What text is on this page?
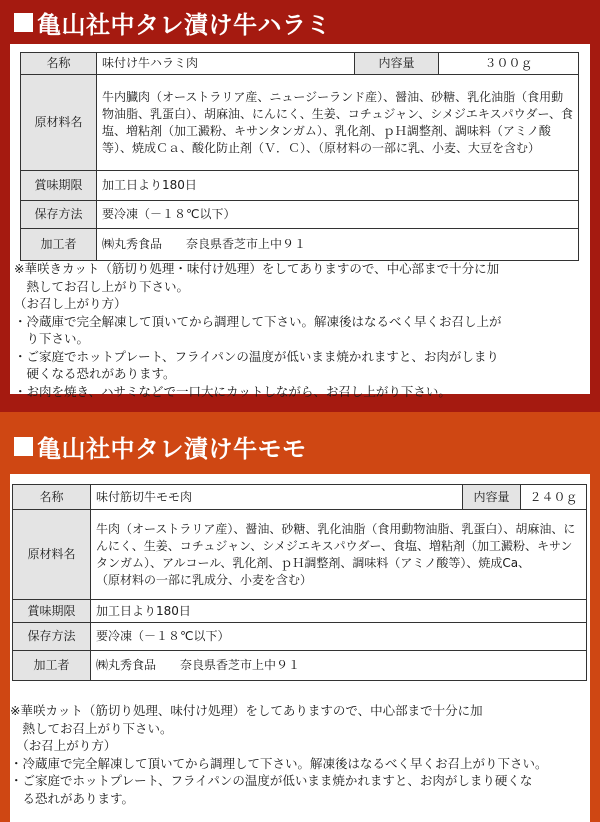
亀山社中タレ漬け牛ハラミ
名称	味付け牛ハラミ肉	内容量	３００ｇ
原材料名	牛内臓肉（オーストラリア産、ニュージーランド産）、醤油、砂糖、乳化油脂（食用動物油脂、乳蛋白）、胡麻油、にんにく、生姜、コチュジャン、シメジエキスパウダー、食塩、増粘剤（加工澱粉、キサンタンガム）、乳化剤、ｐＨ調整剤、調味料（アミノ酸等）、焼成Ｃａ、酸化防止剤（Ｖ．Ｃ）、（原材料の一部に乳、小麦、大豆を含む）		
賞味期限	加工日より180日		
保存方法	要冷凍（－１８℃以下）		
加工者	㈱丸秀食品　　奈良県香芝市上中９１		
※華咲きカット（筋切り処理・味付け処理）をしてありますので、中心部まで十分に加
　熱してお召し上がり下さい。
（お召し上がり方）
・冷蔵庫で完全解凍して頂いてから調理して下さい。解凍後はなるべく早くお召し上が
　り下さい。
・ご家庭でホットプレート、フライパンの温度が低いまま焼かれますと、お肉がしまり
　硬くなる恐れがあります。
・お肉を焼き、ハサミなどで一口大にカットしながら、お召し上がり下さい。
亀山社中タレ漬け牛モモ
名称	味付筋切牛モモ肉	内容量	２４０ｇ
原材料名	牛肉（オーストラリア産）、醤油、砂糖、乳化油脂（食用動物油脂、乳蛋白）、胡麻油、にんにく、生姜、コチュジャン、シメジエキスパウダー、食塩、増粘剤（加工澱粉、キサンタンガム）、アルコール、乳化剤、ｐＨ調整剤、調味料（アミノ酸等）、焼成Ca、
（原材料の一部に乳成分、小麦を含む）		
賞味期限	加工日より180日		
保存方法	要冷凍（－１８℃以下）		
加工者	㈱丸秀食品　　奈良県香芝市上中９１		
※華咲カット（筋切り処理、味付け処理）をしてありますので、中心部まで十分に加
　熱してお召上がり下さい。
　（お召上がり方）
・冷蔵庫で完全解凍して頂いてから調理して下さい。解凍後はなるべく早くお召上がり下さい。
・ご家庭でホットプレート、フライパンの温度が低いまま焼かれますと、お肉がしまり硬くな
　る恐れがあります。
